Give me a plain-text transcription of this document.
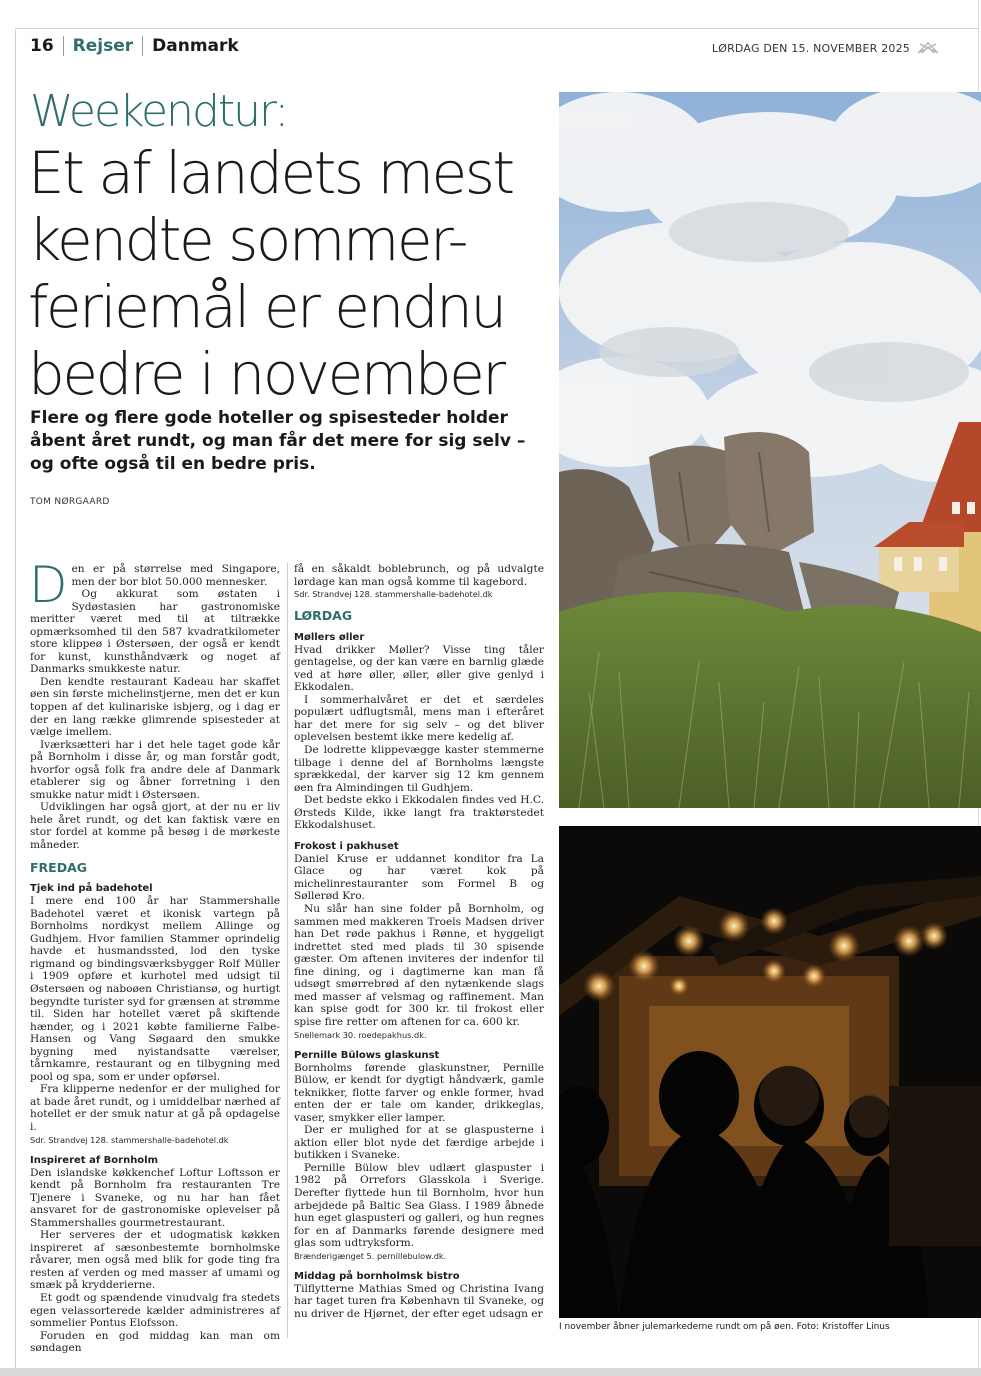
16 Rejser Danmark	LØRDAG DEN 15. NOVEMBER 2025
Weekendtur:
Et af landets mest
kendte sommer-
feriemål er endnu
bedre i november

Flere og flere gode hoteller og spisesteder holder åbent året rundt, og man får det mere for sig selv – og ofte også til en bedre pris.

TOM NØRGAARD

Den er på størrelse med Singapore, men der bor blot 50.000 mennesker.

Og akkurat som østaten i Sydøstasien har gastronomiske meritter været med til at tiltrække opmærksomhed til den 587 kvadratkilometer store klippeø i Østersøen, der også er kendt for kunst, kunsthåndværk og noget af Danmarks smukkeste natur.

Den kendte restaurant Kadeau har skaffet øen sin første michelinstjerne, men det er kun toppen af det kulinariske isbjerg, og i dag er der en lang række glimrende spisesteder at vælge imellem.

Iværksætteri har i det hele taget gode kår på Bornholm i disse år, og man forstår godt, hvorfor også folk fra andre dele af Danmark etablerer sig og åbner forretning i den smukke natur midt i Østersøen.

Udviklingen har også gjort, at der nu er liv hele året rundt, og det kan faktisk være en stor fordel at komme på besøg i de mørkeste måneder.

FREDAG
Tjek ind på badehotel

I mere end 100 år har Stammershalle Badehotel været et ikonisk vartegn på Bornholms nordkyst mellem Allinge og Gudhjem. Hvor familien Stammer oprindelig havde et husmandssted, lod den tyske rigmand og bindingsværksbygger Rolf Müller i 1909 opføre et kurhotel med udsigt til Østersøen og naboøen Christiansø, og hurtigt begyndte turister syd for grænsen at strømme til. Siden har hotellet været på skiftende hænder, og i 2021 købte familierne Falbe-Hansen og Vang Søgaard den smukke bygning med nyistandsatte værelser, tårnkamre, restaurant og en tilbygning med pool og spa, som er under opførsel.

Fra klipperne nedenfor er der mulighed for at bade året rundt, og i umiddelbar nærhed af hotellet er der smuk natur at gå på opdagelse i.

Sdr. Strandvej 128. stammershalle-badehotel.dk
Inspireret af Bornholm

Den islandske køkkenchef Loftur Loftsson er kendt på Bornholm fra restauranten Tre Tjenere i Svaneke, og nu har han fået ansvaret for de gastronomiske oplevelser på Stammershalles gourmetrestaurant.

Her serveres der et udogmatisk køkken inspireret af sæsonbestemte bornholmske råvarer, men også med blik for gode ting fra resten af verden og med masser af umami og smæk på krydderierne.

Et godt og spændende vinudvalg fra stedets egen velassorterede kælder administreres af sommelier Pontus Elofsson.

Foruden en god middag kan man om søndagen

få en såkaldt boblebrunch, og på udvalgte lørdage kan man også komme til kagebord.

Sdr. Strandvej 128. stammershalle-badehotel.dk
LØRDAG
Møllers øller

Hvad drikker Møller? Visse ting tåler gentagelse, og der kan være en barnlig glæde ved at høre øller, øller, øller give genlyd i Ekkodalen.

I sommerhalvåret er det et særdeles populært udflugtsmål, mens man i efteråret har det mere for sig selv – og det bliver oplevelsen bestemt ikke mere kedelig af.

De lodrette klippevægge kaster stemmerne tilbage i denne del af Bornholms længste sprækkedal, der karver sig 12 km gennem øen fra Almindingen til Gudhjem.

Det bedste ekko i Ekkodalen findes ved H.C. Ørsteds Kilde, ikke langt fra traktørstedet Ekkodalshuset.

Frokost i pakhuset

Daniel Kruse er uddannet konditor fra La Glace og har været kok på michelinrestauranter som Formel B og Søllerød Kro.

Nu slår han sine folder på Bornholm, og sammen med makkeren Troels Madsen driver han Det røde pakhus i Rønne, et hyggeligt indrettet sted med plads til 30 spisende gæster. Om aftenen inviteres der indenfor til fine dining, og i dagtimerne kan man få udsøgt smørrebrød af den nytænkende slags med masser af velsmag og raffinement. Man kan spise godt for 300 kr. til frokost eller spise fire retter om aftenen for ca. 600 kr.

Snellemark 30. roedepakhus.dk.
Pernille Bülows glaskunst

Bornholms førende glaskunstner, Pernille Bülow, er kendt for dygtigt håndværk, gamle teknikker, flotte farver og enkle former, hvad enten der er tale om kander, drikkeglas, vaser, smykker eller lamper.

Der er mulighed for at se glaspusterne i aktion eller blot nyde det færdige arbejde i butikken i Svaneke.

Pernille Bülow blev udlært glaspuster i 1982 på Orrefors Glasskola i Sverige. Derefter flyttede hun til Bornholm, hvor hun arbejdede på Baltic Sea Glass. I 1989 åbnede hun eget glaspusteri og galleri, og hun regnes for en af Danmarks førende designere med glas som udtryksform.

Brænderigænget 5. pernillebulow.dk.
Middag på bornholmsk bistro

Tilflytterne Mathias Smed og Christina Ivang har taget turen fra København til Svaneke, og nu driver de Hjørnet, der efter eget udsagn er

I november åbner julemarkederne rundt om på øen. Foto: Kristoffer Linus
